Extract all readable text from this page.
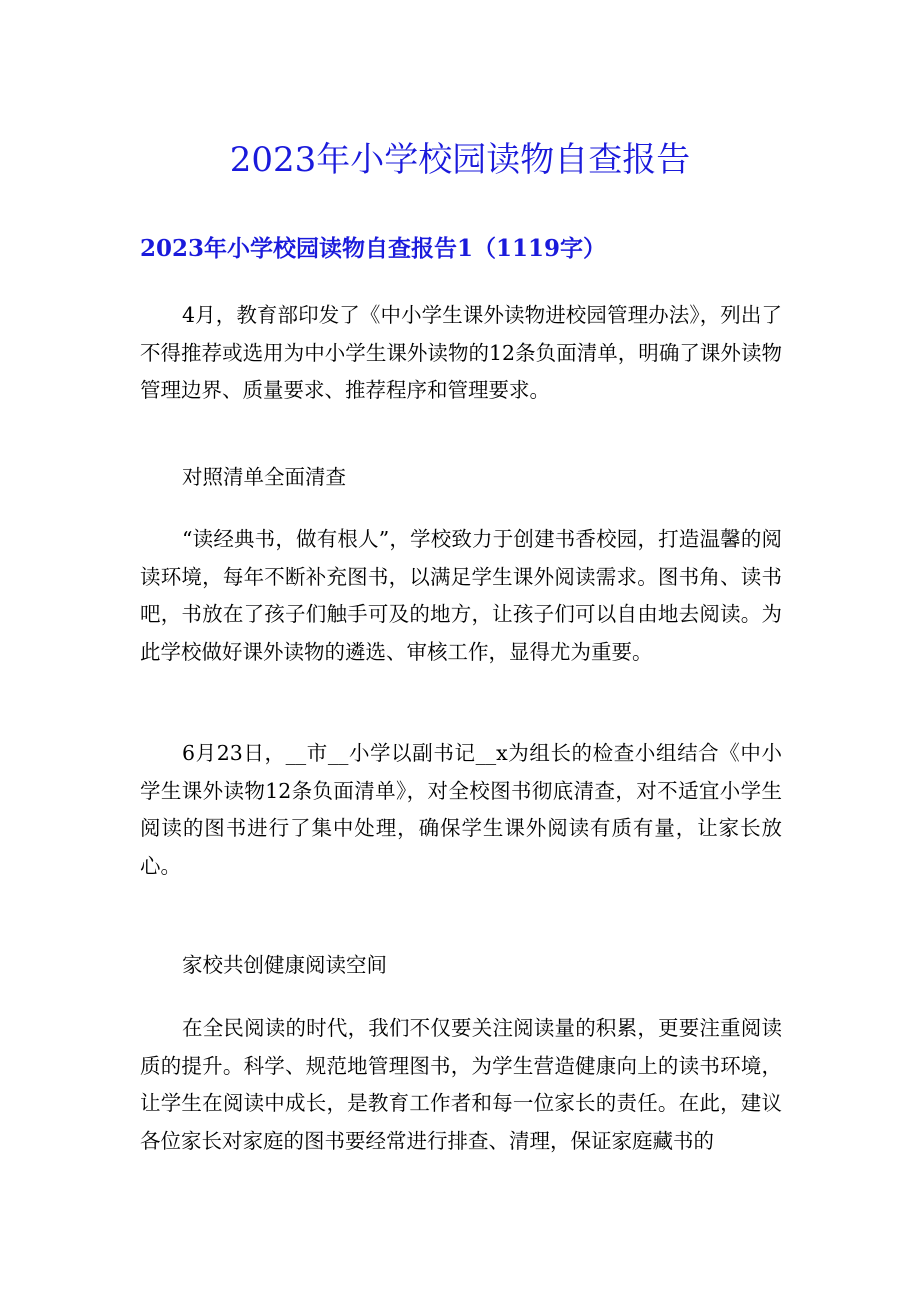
2023年小学校园读物自查报告
2023年小学校园读物自查报告1（1119字）

4月，教育部印发了《中小学生课外读物进校园管理办法》，列出了不得推荐或选用为中小学生课外读物的12条负面清单，明确了课外读物管理边界、质量要求、推荐程序和管理要求。

对照清单全面清查

“读经典书，做有根人”，学校致力于创建书香校园，打造温馨的阅读环境，每年不断补充图书，以满足学生课外阅读需求。图书角、读书吧，书放在了孩子们触手可及的地方，让孩子们可以自由地去阅读。为此学校做好课外读物的遴选、审核工作，显得尤为重要。

6月23日，__市__小学以副书记__x为组长的检查小组结合《中小学生课外读物12条负面清单》，对全校图书彻底清查，对不适宜小学生阅读的图书进行了集中处理，确保学生课外阅读有质有量，让家长放心。

家校共创健康阅读空间

在全民阅读的时代，我们不仅要关注阅读量的积累，更要注重阅读质的提升。科学、规范地管理图书，为学生营造健康向上的读书环境，让学生在阅读中成长，是教育工作者和每一位家长的责任。在此，建议各位家长对家庭的图书要经常进行排查、清理，保证家庭藏书的
